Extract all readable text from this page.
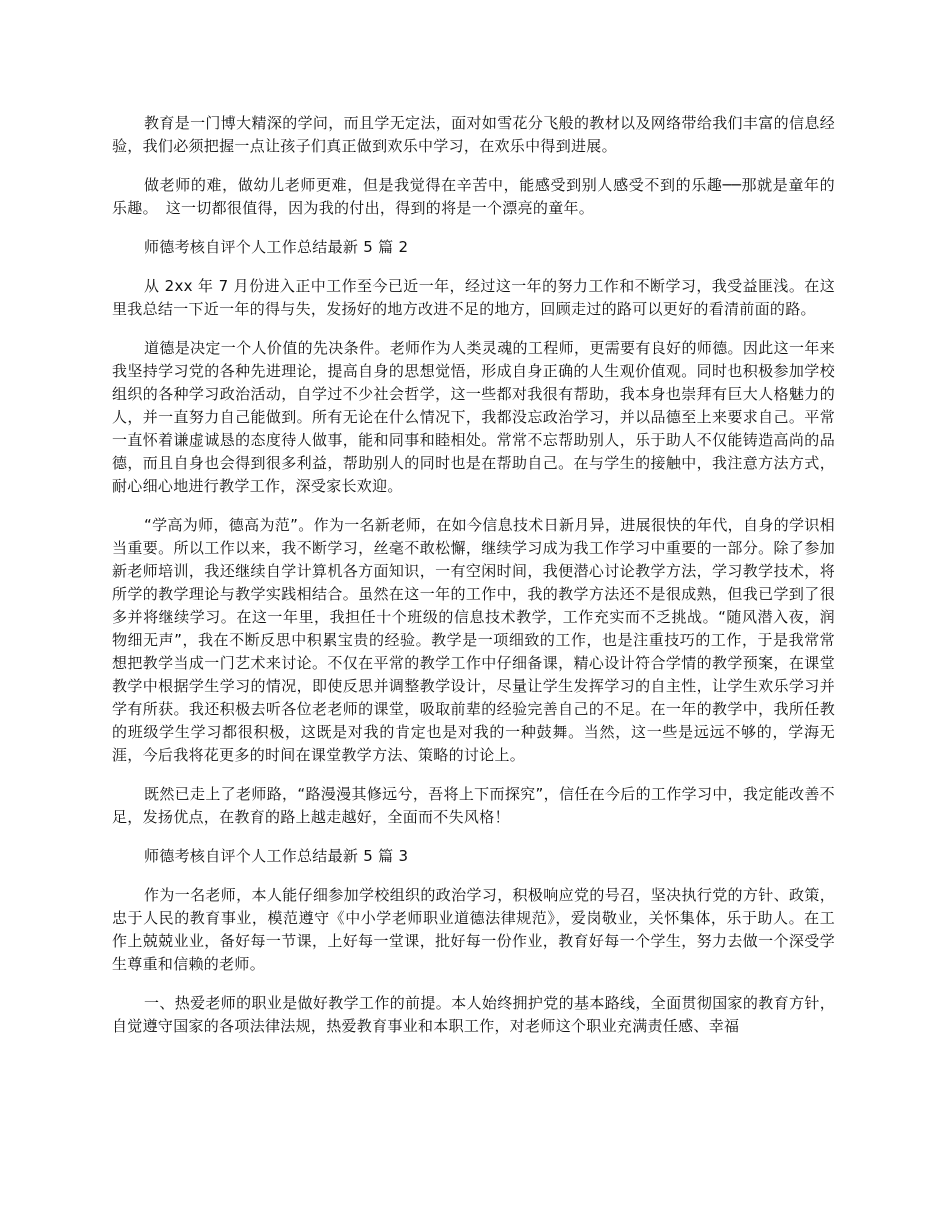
教育是一门博大精深的学问，而且学无定法，面对如雪花分飞般的教材以及网络带给我们丰富的信息经验，我们必须把握一点让孩子们真正做到欢乐中学习，在欢乐中得到进展。

做老师的难，做幼儿老师更难，但是我觉得在辛苦中，能感受到别人感受不到的乐趣──那就是童年的乐趣。　这一切都很值得，因为我的付出，得到的将是一个漂亮的童年。

师德考核自评个人工作总结最新 5 篇 2

从 2xx 年 7 月份进入正中工作至今已近一年，经过这一年的努力工作和不断学习，我受益匪浅。在这里我总结一下近一年的得与失，发扬好的地方改进不足的地方，回顾走过的路可以更好的看清前面的路。

道德是决定一个人价值的先决条件。老师作为人类灵魂的工程师，更需要有良好的师德。因此这一年来我坚持学习党的各种先进理论，提高自身的思想觉悟，形成自身正确的人生观价值观。同时也积极参加学校组织的各种学习政治活动，自学过不少社会哲学，这一些都对我很有帮助，我本身也崇拜有巨大人格魅力的人，并一直努力自己能做到。所有无论在什么情况下，我都没忘政治学习，并以品德至上来要求自己。平常一直怀着谦虚诚恳的态度待人做事，能和同事和睦相处。常常不忘帮助别人，乐于助人不仅能铸造高尚的品德，而且自身也会得到很多利益，帮助别人的同时也是在帮助自己。在与学生的接触中，我注意方法方式，耐心细心地进行教学工作，深受家长欢迎。

“学高为师，德高为范”。作为一名新老师，在如今信息技术日新月异，进展很快的年代，自身的学识相当重要。所以工作以来，我不断学习，丝毫不敢松懈，继续学习成为我工作学习中重要的一部分。除了参加新老师培训，我还继续自学计算机各方面知识，一有空闲时间，我便潜心讨论教学方法，学习教学技术，将所学的教学理论与教学实践相结合。虽然在这一年的工作中，我的教学方法还不是很成熟，但我已学到了很多并将继续学习。在这一年里，我担任十个班级的信息技术教学，工作充实而不乏挑战。“随风潜入夜，润物细无声”，我在不断反思中积累宝贵的经验。教学是一项细致的工作，也是注重技巧的工作，于是我常常想把教学当成一门艺术来讨论。不仅在平常的教学工作中仔细备课，精心设计符合学情的教学预案，在课堂教学中根据学生学习的情况，即使反思并调整教学设计，尽量让学生发挥学习的自主性，让学生欢乐学习并学有所获。我还积极去听各位老老师的课堂，吸取前辈的经验完善自己的不足。在一年的教学中，我所任教的班级学生学习都很积极，这既是对我的肯定也是对我的一种鼓舞。当然，这一些是远远不够的，学海无涯，今后我将花更多的时间在课堂教学方法、策略的讨论上。

既然已走上了老师路，“路漫漫其修远兮，吾将上下而探究”，信任在今后的工作学习中，我定能改善不足，发扬优点，在教育的路上越走越好，全面而不失风格！

师德考核自评个人工作总结最新 5 篇 3

作为一名老师，本人能仔细参加学校组织的政治学习，积极响应党的号召，坚决执行党的方针、政策，忠于人民的教育事业，模范遵守《中小学老师职业道德法律规范》，爱岗敬业，关怀集体，乐于助人。在工作上兢兢业业，备好每一节课，上好每一堂课，批好每一份作业，教育好每一个学生，努力去做一个深受学生尊重和信赖的老师。

一、热爱老师的职业是做好教学工作的前提。本人始终拥护党的基本路线，全面贯彻国家的教育方针，自觉遵守国家的各项法律法规，热爱教育事业和本职工作，对老师这个职业充满责任感、幸福
